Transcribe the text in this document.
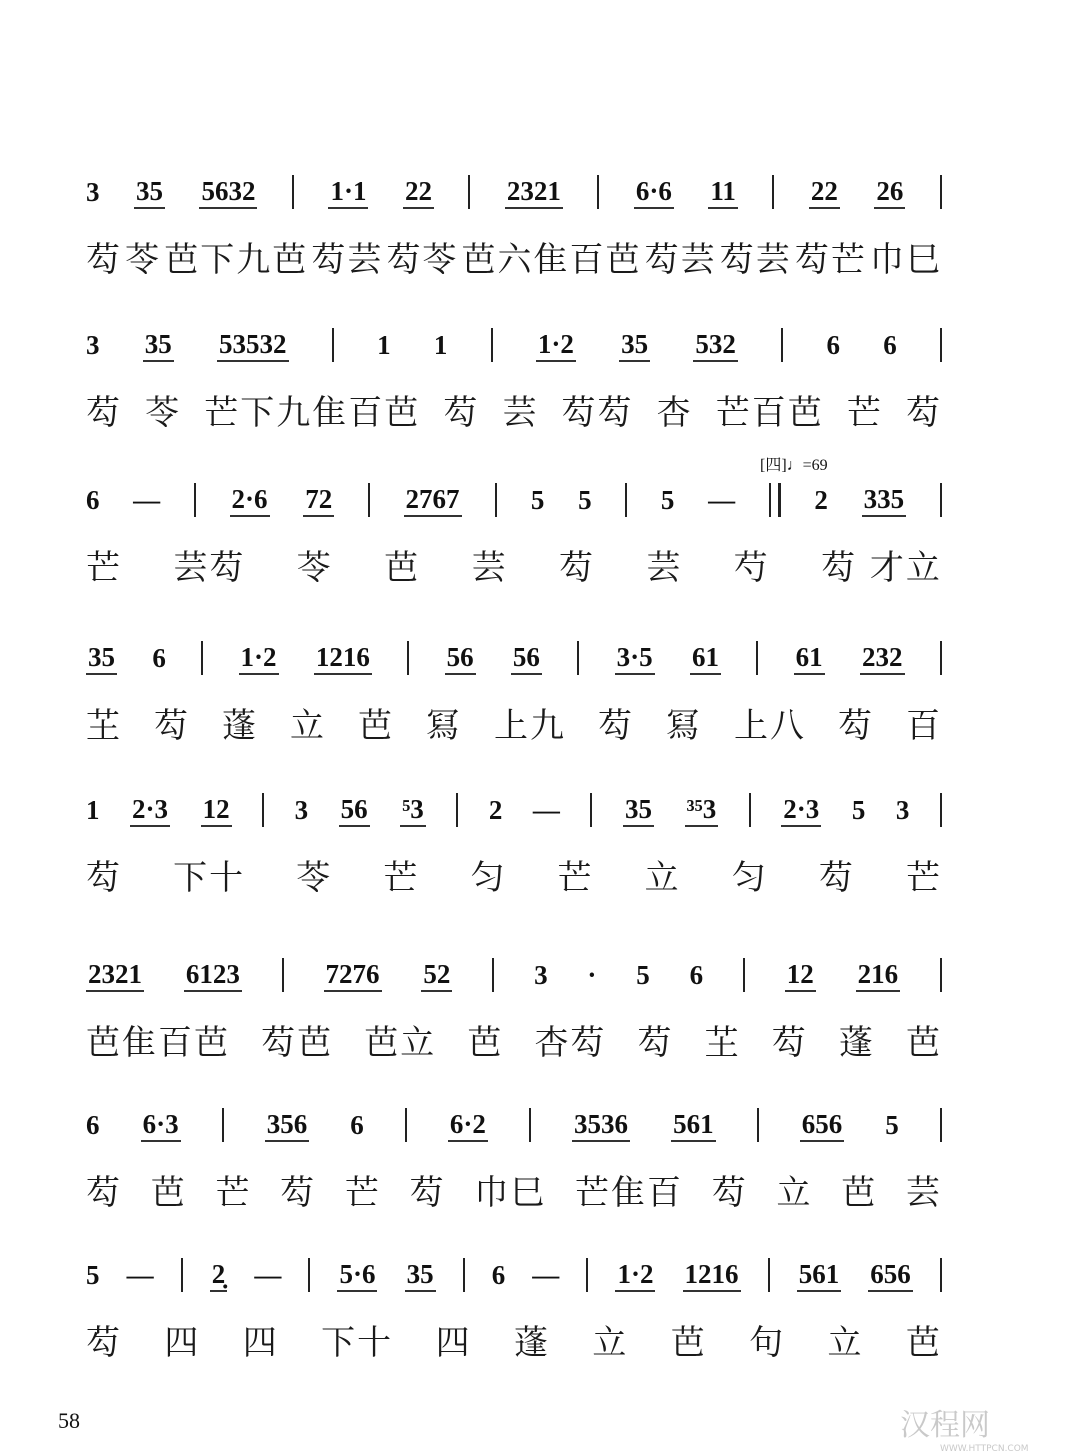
[四]♩=69
3 35 5632	1·1 22	2321	6·6 11	22 26
芶 苓 芭下九芭 芶芸 芶苓 芭六隹百芭 芶芸 芶芸 芶芒 巾巳
3 35 53532	1 1	1·2 35 532	6 6
芶 苓 芒下九隹百芭 芶 芸 芶芶 杏 芒百芭 芒 芶
6 —	2·6 72	2767	5 5	5 —	2 335
芒 芸芶 苓 芭 芸 芶 芸 芍 芶 才立
35 6	1·2 1216	56 56	3·5 61	61 232
芏 芶 蓬 立 芭 冩 上九 芶 冩 上八 芶 百
1 2·3 12 3 56 ⁵3 2 — 35 ³⁵3 2·3 5 3
芶 下十 苓 芒 匀 芒 立 匀 芶 芒
2321 6123	7276 52	3 · 5 6	12 216
芭隹百芭 芶芭 芭立 芭 杏芶 芶 芏 芶 蓬 芭
6 6·3	356 6	6·2	3536 561	656 5
芶 芭 芒 芶 芒 芶 巾巳 芒隹百 芶 立 芭 芸
5 — 2̣ — 5·6 35 6 — 1·2 1216 561 656
芶 四 四 下十 四 蓬 立 芭 句 立 芭
58	汉程网
WWW.HTTPCN.COM
